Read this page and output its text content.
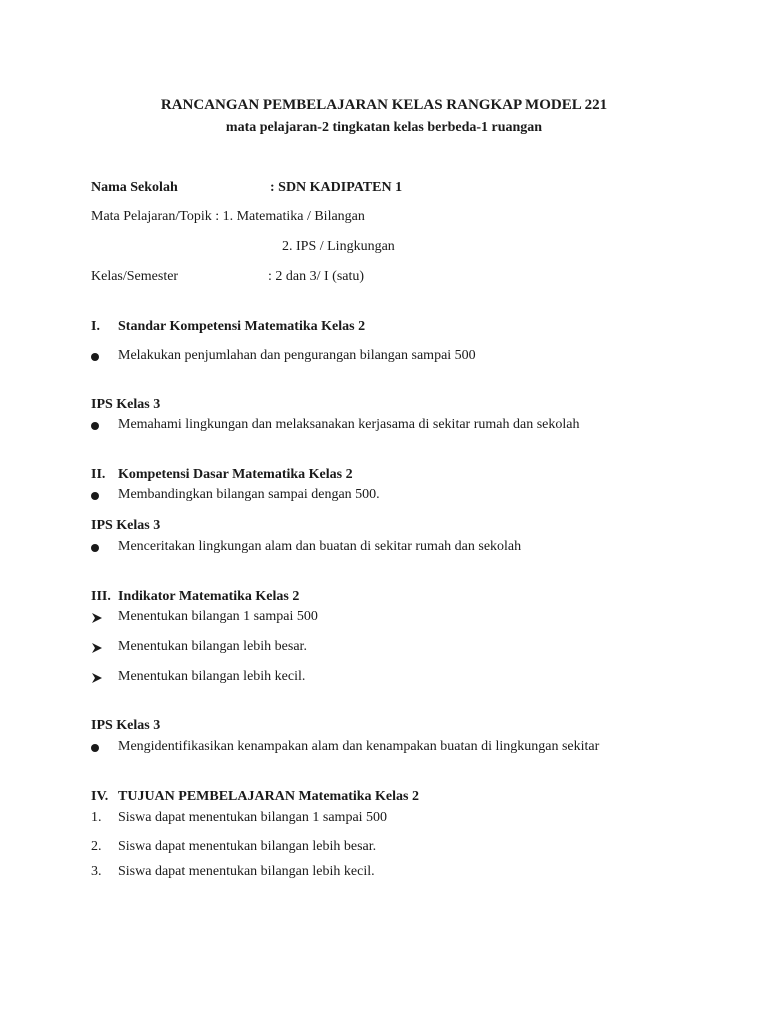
RANCANGAN PEMBELAJARAN KELAS RANGKAP MODEL 221
mata pelajaran-2 tingkatan kelas berbeda-1 ruangan
Nama Sekolah	: SDN KADIPATEN 1
Mata Pelajaran/Topik : 1. Matematika / Bilangan
2. IPS / Lingkungan
Kelas/Semester	: 2 dan 3/ I (satu)
I. Standar Kompetensi Matematika Kelas 2
Melakukan penjumlahan dan pengurangan bilangan sampai 500
IPS Kelas 3
Memahami lingkungan dan melaksanakan kerjasama di sekitar rumah dan sekolah
II. Kompetensi Dasar Matematika Kelas 2
Membandingkan bilangan sampai dengan 500.
IPS Kelas 3
Menceritakan lingkungan alam dan buatan di sekitar rumah dan sekolah
III. Indikator Matematika Kelas 2
Menentukan bilangan 1 sampai 500
Menentukan bilangan lebih besar.
Menentukan bilangan lebih kecil.
IPS Kelas 3
Mengidentifikasikan kenampakan alam dan kenampakan buatan di lingkungan sekitar
IV. TUJUAN PEMBELAJARAN Matematika Kelas 2
1. Siswa dapat menentukan bilangan 1 sampai 500
2. Siswa dapat menentukan bilangan lebih besar.
3. Siswa dapat menentukan bilangan lebih kecil.
